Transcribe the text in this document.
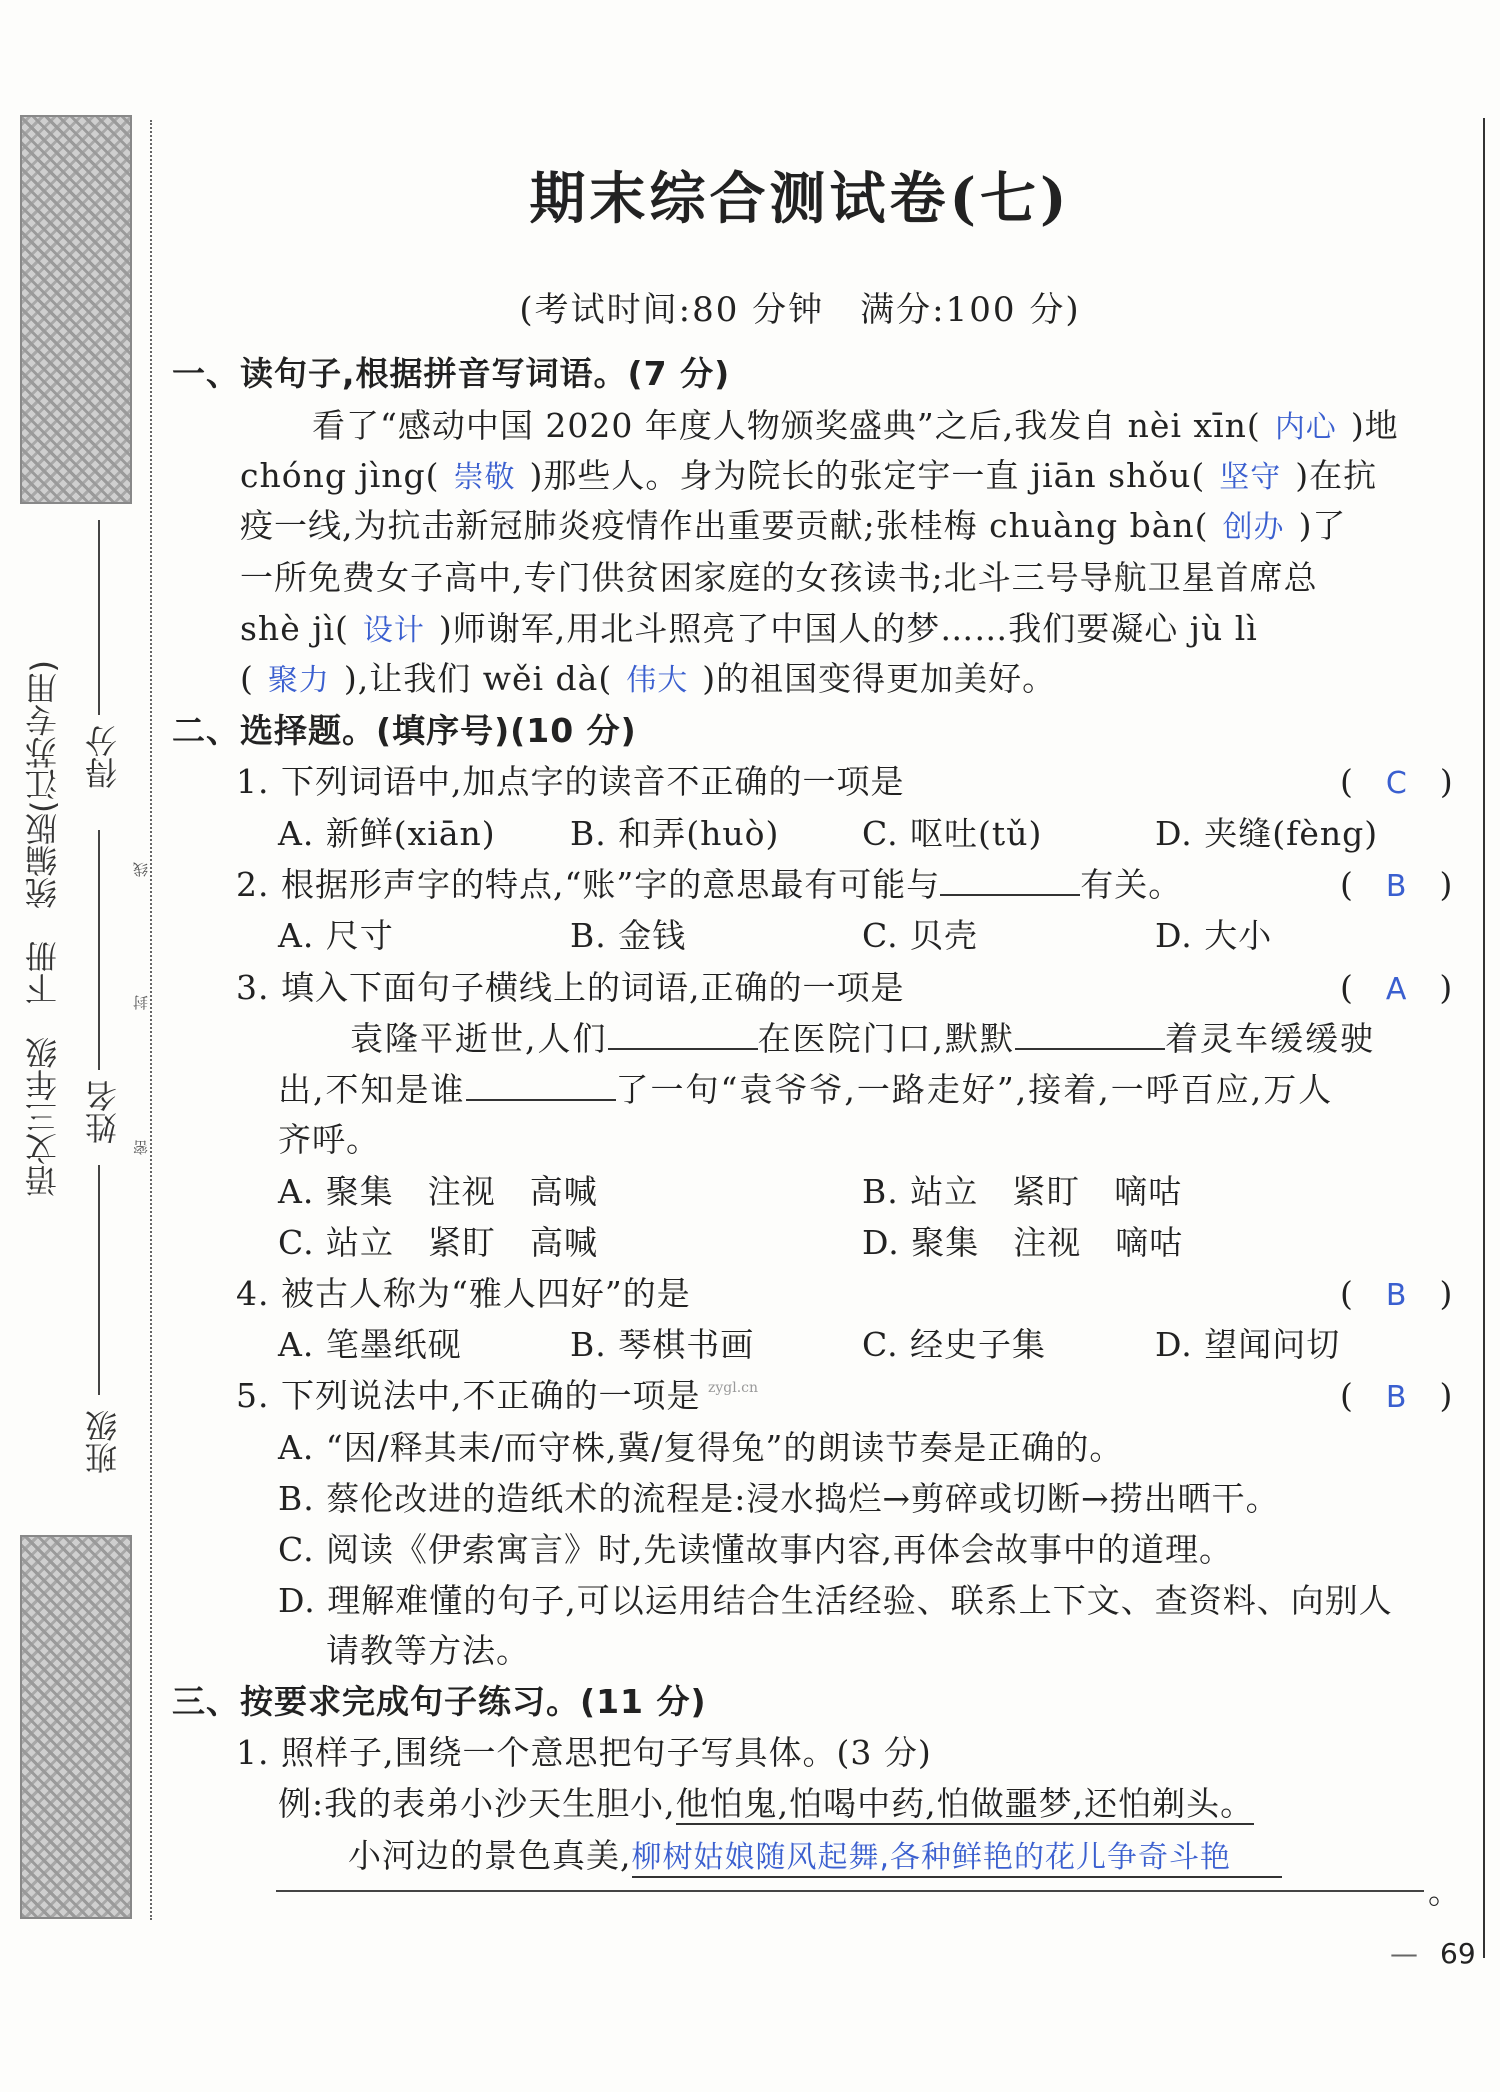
语文三年级　下册　统编版(江苏专用)
班级
姓名
得分
线
封
密
期末综合测试卷(七)
(考试时间:80 分钟　满分:100 分)
一、读句子,根据拼音写词语。(7 分)
看了“感动中国 2020 年度人物颁奖盛典”之后,我发自 nèi xīn( 内心 )地
chóng jìng( 崇敬 )那些人。身为院长的张定宇一直 jiān shǒu( 坚守 )在抗
疫一线,为抗击新冠肺炎疫情作出重要贡献;张桂梅 chuàng bàn( 创办 )了
一所免费女子高中,专门供贫困家庭的女孩读书;北斗三号导航卫星首席总
shè jì( 设计 )师谢军,用北斗照亮了中国人的梦……我们要凝心 jù lì
( 聚力 ),让我们 wěi dà( 伟大 )的祖国变得更加美好。
二、选择题。(填序号)(10 分)
1. 下列词语中,加点字的读音不正确的一项是	(　C　)
A. 新鲜(xiān) B. 和弄(huò)	C. 呕吐(tǔ)	D. 夹缝(fèng)
2. 根据形声字的特点,“账”字的意思最有可能与	有关。	(　B　)
A. 尺寸	B. 金钱	C. 贝壳	D. 大小
3. 填入下面句子横线上的词语,正确的一项是	(　A　)
袁隆平逝世,人们	在医院门口,默默	着灵车缓缓驶
出,不知是谁	了一句“袁爷爷,一路走好”,接着,一呼百应,万人
齐呼。
A. 聚集　注视　高喊	B. 站立　紧盯　嘀咕
C. 站立　紧盯　高喊	D. 聚集　注视　嘀咕
4. 被古人称为“雅人四好”的是	(　B　)
A. 笔墨纸砚	B. 琴棋书画	C. 经史子集	D. 望闻问切
5. 下列说法中,不正确的一项是 zygl.cn	(　B　)
A. “因/释其耒/而守株,冀/复得兔”的朗读节奏是正确的。
B. 蔡伦改进的造纸术的流程是:浸水捣烂→剪碎或切断→捞出晒干。
C. 阅读《伊索寓言》时,先读懂故事内容,再体会故事中的道理。
D. 理解难懂的句子,可以运用结合生活经验、联系上下文、查资料、向别人
请教等方法。
三、按要求完成句子练习。(11 分)
1. 照样子,围绕一个意思把句子写具体。(3 分)
例:我的表弟小沙天生胆小,他怕鬼,怕喝中药,怕做噩梦,还怕剃头。
小河边的景色真美,柳树姑娘随风起舞,各种鲜艳的花儿争奇斗艳
。
— 69
